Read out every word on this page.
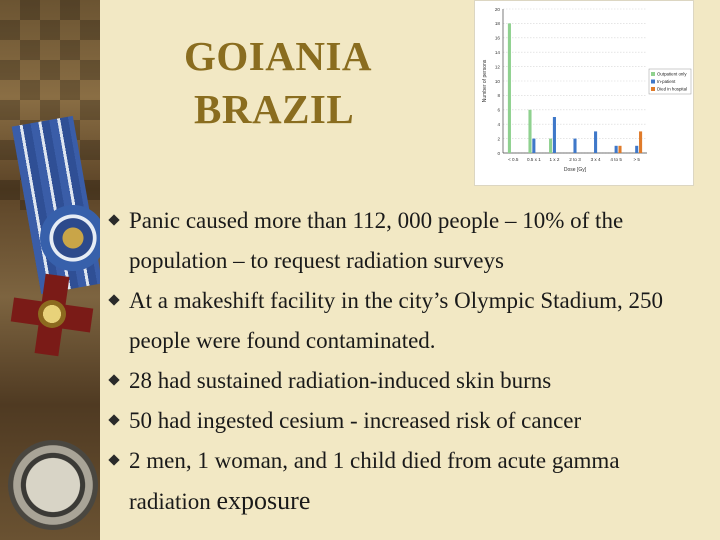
GOIANIA
BRAZIL
0
2
4
6
8
10
12
14
16
18
20
< 0.5 0.5 x 1 1 x 2 2 to 3 3 x 4 4 to 5	> 5
Dose [Gy]
Number of persons	Outpatient only
In-patient
Died in hospital
Panic caused more than 112, 000 people – 10% of the population – to request radiation surveys
At a makeshift facility in the city’s Olympic Stadium, 250 people were found contaminated.
28 had sustained radiation-induced skin burns
50 had ingested cesium - increased risk of cancer
2 men, 1 woman, and 1 child died from acute gamma radiation exposure
